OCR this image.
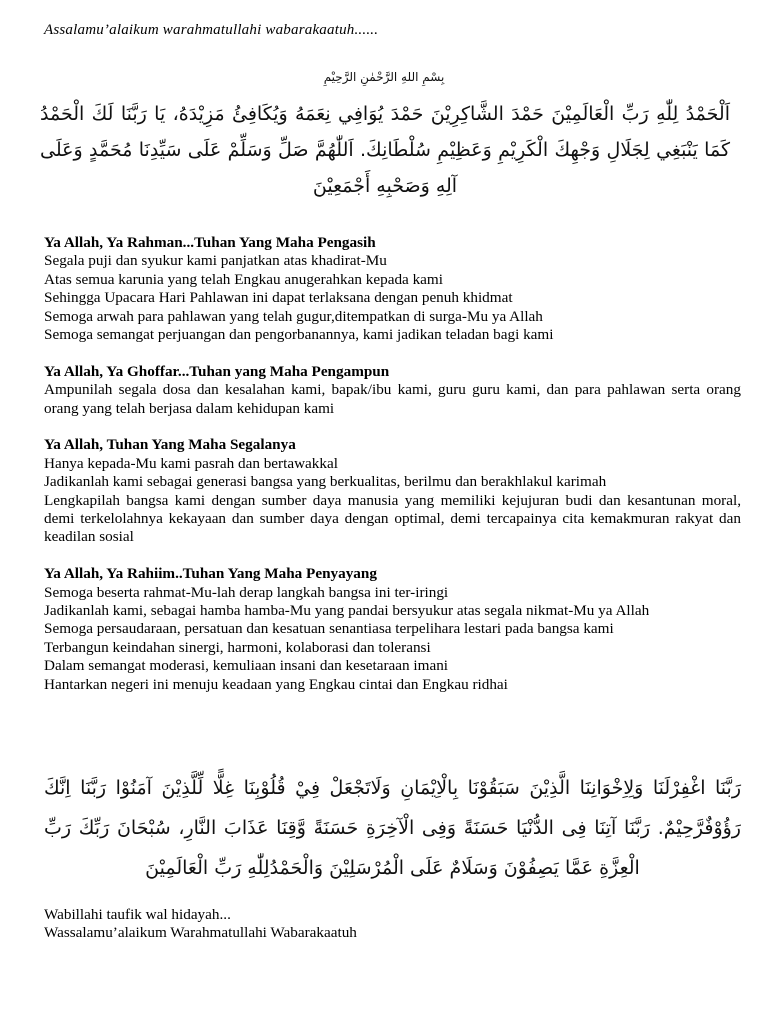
Assalamu’alaikum warahmatullahi wabarakaatuh......
بِسْمِ اللهِ الرَّحْمٰنِ الرَّحِيْمِ
اَلْحَمْدُ لِلّٰهِ رَبِّ الْعَالَمِيْنَ حَمْدَ الشَّاكِرِيْنَ حَمْدَ يُوَافِي نِعَمَهُ وَيُكَافِئُ مَزِيْدَهُ، يَا رَبَّنَا لَكَ الْحَمْدُ كَمَا يَنْبَغِي لِجَلَالِ وَجْهِكَ الْكَرِيْمِ وَعَظِيْمِ سُلْطَانِكَ. اَللّٰهُمَّ صَلِّ وَسَلِّمْ عَلَى سَيِّدِنَا مُحَمَّدٍ وَعَلَى آلِهِ وَصَحْبِهِ أَجْمَعِيْنَ
Ya Allah, Ya Rahman...Tuhan Yang Maha Pengasih
Segala puji dan syukur kami panjatkan atas khadirat-Mu
Atas semua karunia yang telah Engkau anugerahkan kepada kami
Sehingga Upacara Hari Pahlawan ini dapat terlaksana dengan penuh khidmat
Semoga arwah para pahlawan yang telah gugur,ditempatkan di surga-Mu ya Allah
Semoga semangat perjuangan dan pengorbanannya, kami jadikan teladan bagi kami
Ya Allah, Ya Ghoffar...Tuhan yang Maha Pengampun
Ampunilah segala dosa dan kesalahan kami, bapak/ibu kami, guru guru kami, dan para pahlawan serta orang orang yang telah berjasa dalam kehidupan kami
Ya Allah, Tuhan Yang Maha Segalanya
Hanya kepada-Mu kami pasrah dan bertawakkal
Jadikanlah kami sebagai generasi bangsa yang berkualitas, berilmu dan berakhlakul karimah
Lengkapilah bangsa kami dengan sumber daya manusia yang memiliki kejujuran budi dan kesantunan moral, demi terkelolahnya kekayaan dan sumber daya dengan optimal, demi tercapainya cita kemakmuran rakyat dan keadilan sosial
Ya Allah, Ya Rahiim..Tuhan Yang Maha Penyayang
Semoga beserta rahmat-Mu-lah derap langkah bangsa ini ter-iringi
Jadikanlah kami, sebagai hamba hamba-Mu yang pandai bersyukur atas segala nikmat-Mu ya Allah
Semoga persaudaraan, persatuan dan kesatuan senantiasa terpelihara lestari pada bangsa kami
Terbangun keindahan sinergi, harmoni, kolaborasi dan toleransi
Dalam semangat moderasi, kemuliaan insani dan kesetaraan imani
Hantarkan negeri ini menuju keadaan yang Engkau cintai dan Engkau ridhai
رَبَّنَا اغْفِرْلَنَا وَلِاِخْوَانِنَا الَّذِيْنَ سَبَقُوْنَا بِالْاِيْمَانِ وَلَاتَجْعَلْ فِيْ قُلُوْبِنَا غِلًّا لِّلَّذِيْنَ آمَنُوْا رَبَّنَا اِنَّكَ رَؤُوْفٌرَّحِيْمٌ. رَبَّنَا آتِنَا فِى الدُّنْيَا حَسَنَةً وَفِى الْآخِرَةِ حَسَنَةً وَّقِنَا عَذَابَ النَّارِ، سُبْحَانَ رَبِّكَ رَبِّ الْعِزَّةِ عَمَّا يَصِفُوْنَ وَسَلَامٌ عَلَى الْمُرْسَلِيْنَ وَالْحَمْدُلِلّٰهِ رَبِّ الْعَالَمِيْنَ
Wabillahi taufik wal hidayah...
Wassalamu’alaikum Warahmatullahi Wabarakaatuh
